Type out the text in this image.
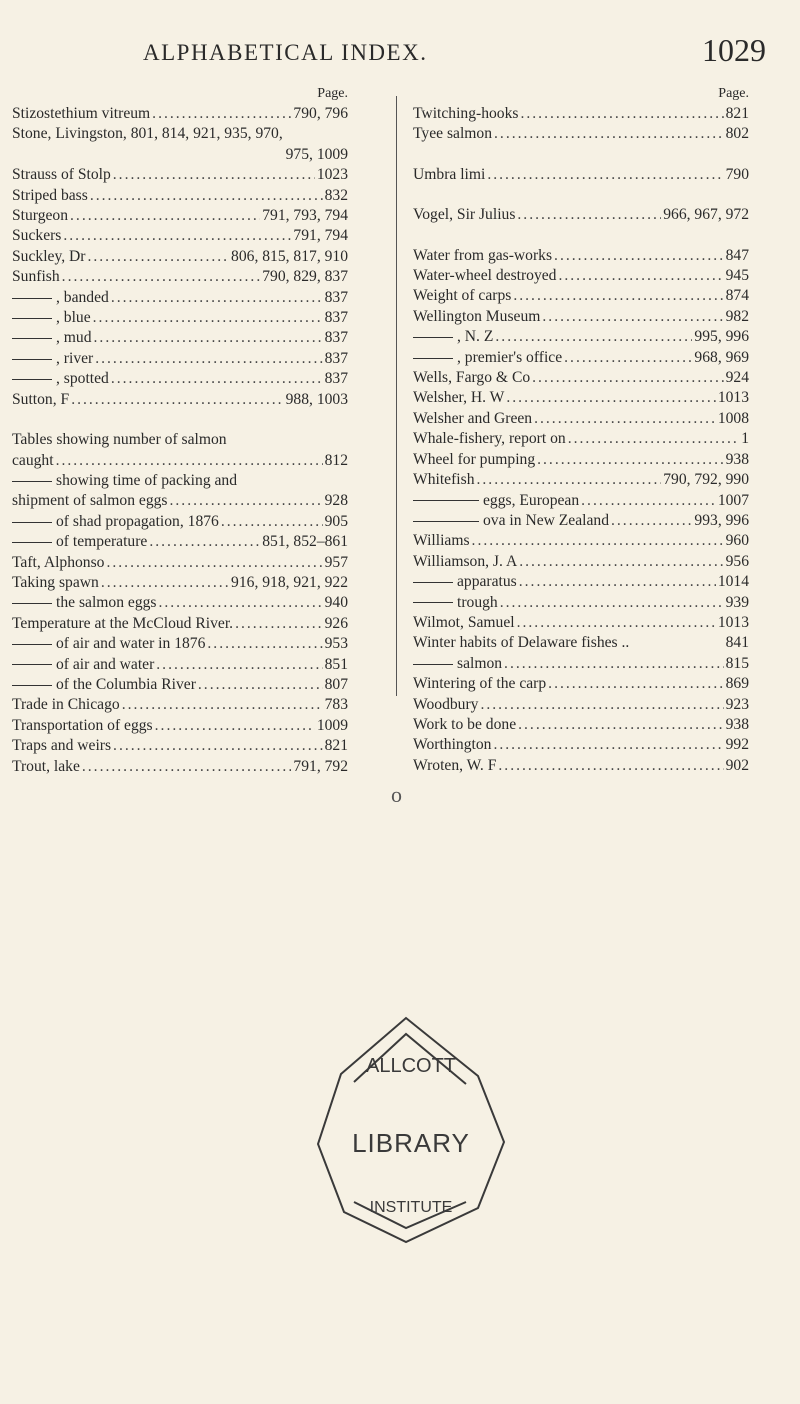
ALPHABETICAL INDEX.	1029
Page.
Stizostethium vitreum .....	790, 796
Stone, Livingston, 801, 814, 921, 935, 970,
975, 1009
Strauss of Stolp .....	1023
Striped bass .....	832
Sturgeon .....	791, 793, 794
Suckers .....	791, 794
Suckley, Dr .....	806, 815, 817, 910
Sunfish .....	790, 829, 837
, banded .....	837
, blue .....	837
, mud .....	837
, river .....	837
, spotted .....	837
Sutton, F .....	988, 1003
Tables showing number of salmon
caught .....	812
showing time of packing and
shipment of salmon eggs .....	928
of shad propagation, 1876 .....	905
of temperature .....	851, 852–861
Taft, Alphonso .....	957
Taking spawn .....	916, 918, 921, 922
the salmon eggs .....	940
Temperature at the McCloud River. .....	926
of air and water in 1876 .....	953
of air and water .....	851
of the Columbia River .....	807
Trade in Chicago .....	783
Transportation of eggs .....	1009
Traps and weirs .....	821
Trout, lake .....	791, 792
Page.
Twitching-hooks .....	821
Tyee salmon .....	802
Umbra limi .....	790
Vogel, Sir Julius .....	966, 967, 972
Water from gas-works .....	847
Water-wheel destroyed .....	945
Weight of carps .....	874
Wellington Museum .....	982
, N. Z .....	995, 996
, premier's office .....	968, 969
Wells, Fargo & Co .....	924
Welsher, H. W .....	1013
Welsher and Green .....	1008
Whale-fishery, report on .....	1
Wheel for pumping .....	938
Whitefish .....	790, 792, 990
eggs, European .....	1007
ova in New Zealand .....	993, 996
Williams .....	960
Williamson, J. A .....	956
apparatus .....	1014
trough .....	939
Wilmot, Samuel .....	1013
Winter habits of Delaware fishes ..	841
salmon .....	815
Wintering of the carp .....	869
Woodbury .....	923
Work to be done .....	938
Worthington .....	992
Wroten, W. F .....	902
o
ALLCOTT
LIBRARY
INSTITUTE
